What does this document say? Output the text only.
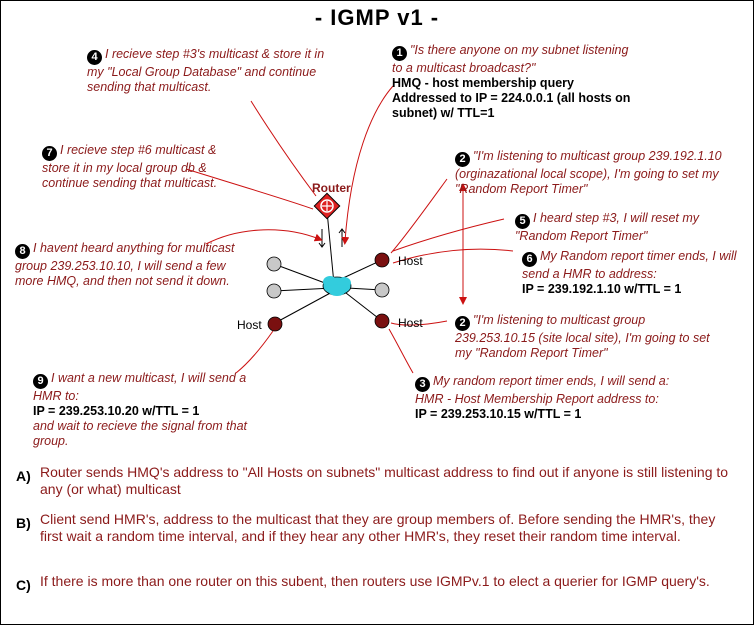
- IGMP v1 -
Router
Host
Host	Host
1 "Is there anyone on my subnet listening to a multicast broadcast?"
HMQ - host membership query Addressed to IP = 224.0.0.1 (all hosts on subnet) w/ TTL=1
4 I recieve step #3's multicast & store it in my "Local Group Database" and continue sending that multicast.
7 I recieve step #6 multicast & store it in my local group db & continue sending that multicast.
8 I havent heard anything for multicast group 239.253.10.10, I will send a few more HMQ, and then not send it down.
2 "I'm listening to multicast group 239.192.1.10 (orginazational local scope), I'm going to set my "Random Report Timer"
5 I heard step #3, I will reset my "Random Report Timer"
6 My Random report timer ends, I will send a HMR to address:
IP = 239.192.1.10 w/TTL = 1
2 "I'm listening to multicast group 239.253.10.15 (site local site), I'm going to set my "Random Report Timer"
3 My random report timer ends, I will send a: HMR - Host Membership Report address to:
IP = 239.253.10.15 w/TTL = 1
9 I want a new multicast, I will send a HMR to:
IP = 239.253.10.20 w/TTL = 1
and wait to recieve the signal from that group.
A) Router sends HMQ's address to "All Hosts on subnets" multicast address to find out if anyone is still listening to any (or what) multicast
B) Client send HMR's, address to the multicast that they are group members of. Before sending the HMR's, they first wait a random time interval, and if they hear any other HMR's, they reset their random time interval.
C) If there is more than one router on this subent, then routers use IGMPv.1 to elect a querier for IGMP query's.
